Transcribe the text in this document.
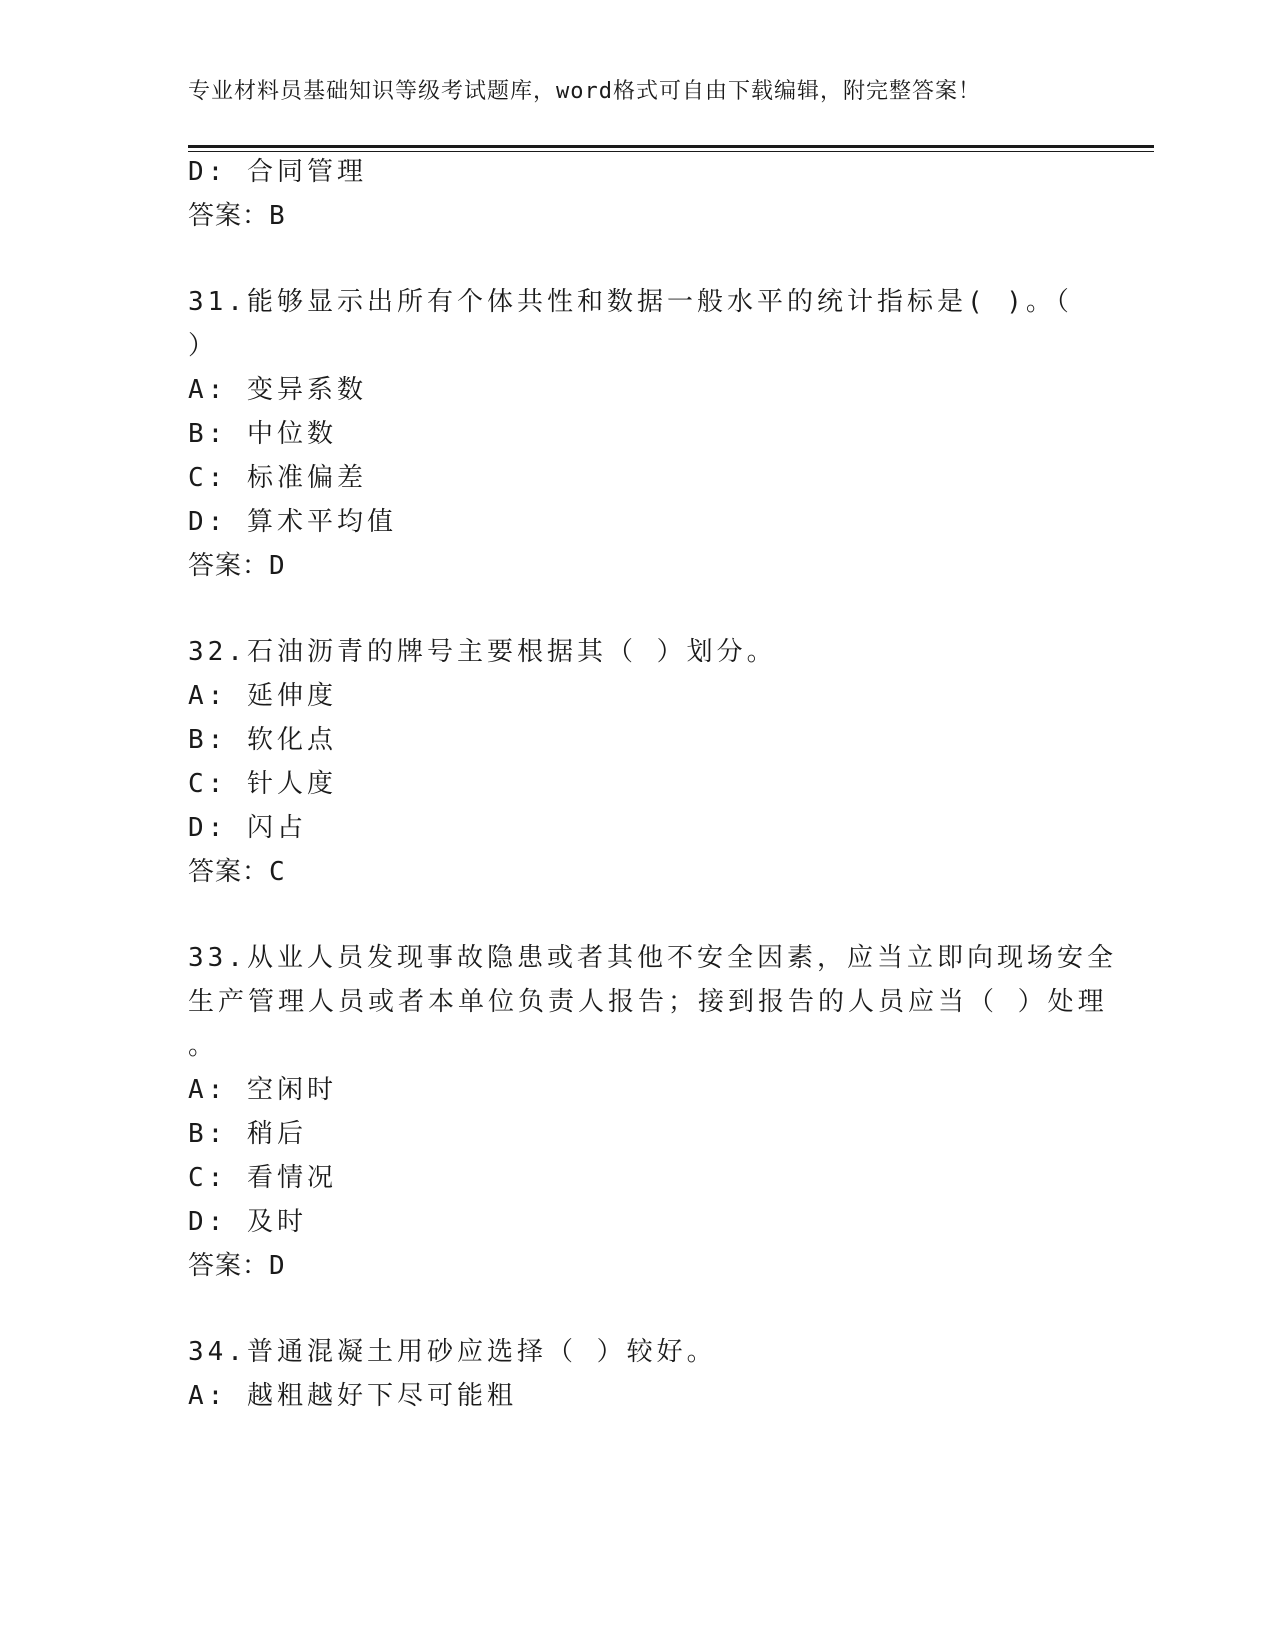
专业材料员基础知识等级考试题库，word格式可自由下载编辑，附完整答案！
D: 合同管理
答案：B
31.能够显示出所有个体共性和数据一般水平的统计指标是( )。（
）
A: 变异系数
B: 中位数
C: 标准偏差
D: 算术平均值
答案：D
32.石油沥青的牌号主要根据其（ ）划分。
A: 延伸度
B: 软化点
C: 针人度
D: 闪占
答案：C
33.从业人员发现事故隐患或者其他不安全因素，应当立即向现场安全
生产管理人员或者本单位负责人报告；接到报告的人员应当（ ）处理
。
A: 空闲时
B: 稍后
C: 看情况
D: 及时
答案：D
34.普通混凝土用砂应选择（ ）较好。
A: 越粗越好下尽可能粗
